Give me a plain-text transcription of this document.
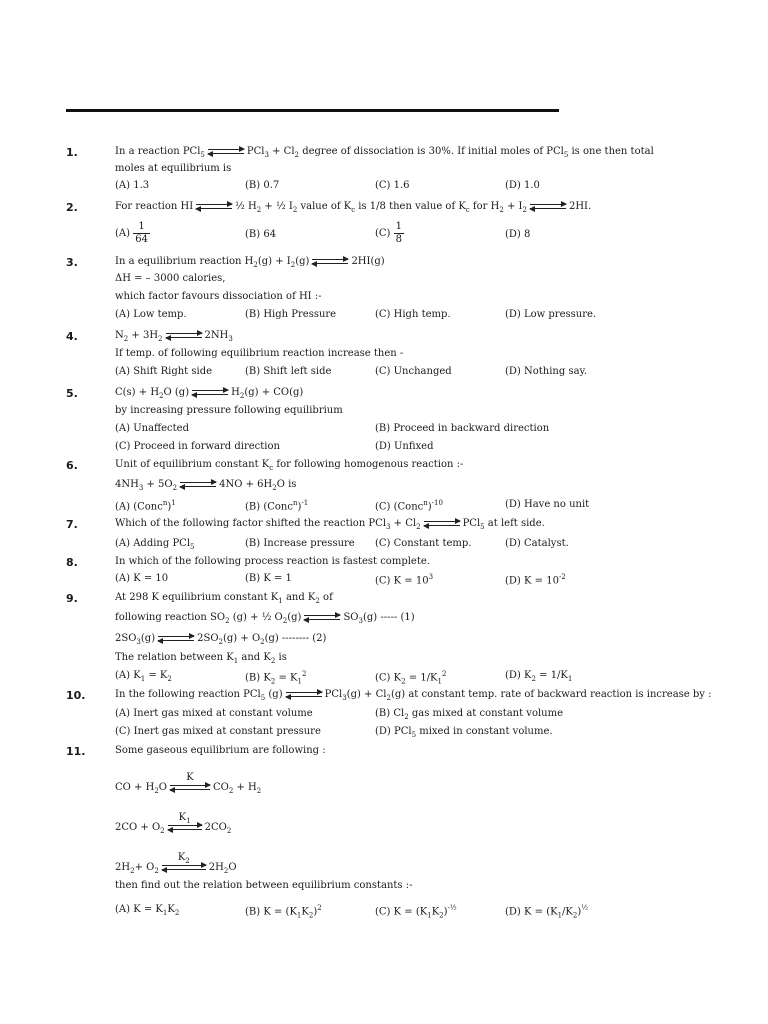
1.	In a reaction PCl$_5$	$PCl_3 + Cl_2$ degree of dissociation is 30%. If initial moles of PCl$_5$ is one then total
moles at equilibrium is
(A) 1.3	(B) 0.7	(C) 1.6	(D) 1.0
2.	For reaction HI	½ $H_2$ + ½ $I_2$ value of $K_c$ is 1/8 then value of $K_c$ for $H_2 + I_2$	2HI.
$(A) \frac{1}{64}$	(B) 64	$(C) \frac{1}{8}$	(D) 8
3.	In a equilibrium reaction $H_2(g) + I_2(g)$	2HI(g)
ΔH = – 3000 calories,
which factor favours dissociation of HI :-
(A) Low temp.	(B) High Pressure	(C) High temp.	(D) Low pressure.
4.	$N_2 + 3H_2$	$2NH_3$
If temp. of following equilibrium reaction increase then -
(A) Shift Right side	(B) Shift left side	(C) Unchanged	(D) Nothing say.
5.	$C(s) + H_2O$ (g)	$H_2(g) + CO(g)$
by increasing pressure following equilibrium
(A) Unaffected	(B) Proceed in backward direction
(C) Proceed in forward direction	(D) Unfixed
6.	Unit of equilibrium constant $K_c$ for following homogenous reaction :-
$4NH_3 + 5O_2$	$4NO + 6H_2O$ is
(A) (Conc$^n$)$^1$	(B) (Conc$^n$)$^{-1}$	(C) (Conc$^n$)$^{-10}$	(D) Have no unit
7.	Which of the following factor shifted the reaction $PCl_3 + Cl_2$	PCl$_5$ at left side.
(A) Adding PCl$_5$	(B) Increase pressure (C) Constant temp.	(D) Catalyst.
8.	In which of the following process reaction is fastest complete.
(A) K = 10	(B) K = 1	(C) $K = 10^3$	(D) $K = 10^{-2}$
9.	At 298 K equilibrium constant $K_1$ and $K_2$ of
following reaction $SO_2$ (g) + ½ $O_2(g)$	$SO_3(g)$ ----- (1)
$2SO_3(g)$	$2SO_2(g) + O_2(g)$ -------- (2)
The relation between $K_1$ and $K_2$ is
(A) $K_1 = K_2$	(B) $K_2 = K_1^2$	(C) $K_2 = 1/K_1^2$	(D) $K_2 = 1/K_1$
10.	In the following reaction PCl$_5$ (g)	$PCl_3(g) + Cl_2(g)$ at constant temp. rate of backward reaction is increase by :
(A) Inert gas mixed at constant volume	(B) $Cl_2$ gas mixed at constant volume
(C) Inert gas mixed at constant pressure	(D) PCl$_5$ mixed in constant volume.
11.	Some gaseous equilibrium are following :
CO + $H_2O$
K
$CO_2 + H_2$
$2CO + O_2$
$K_1$
$2CO_2$
$2H_2+ O_2$
$K_2$
$2H_2O$
then find out the relation between equilibrium constants :-
(A) $K = K_1K_2$	(B) $K = (K_1K_2)^2$	(C) $K = (K_1K_2)^{-\frac{1}{2}}$	(D) $K = (K_1/K_2)^{\frac{1}{2}}$
